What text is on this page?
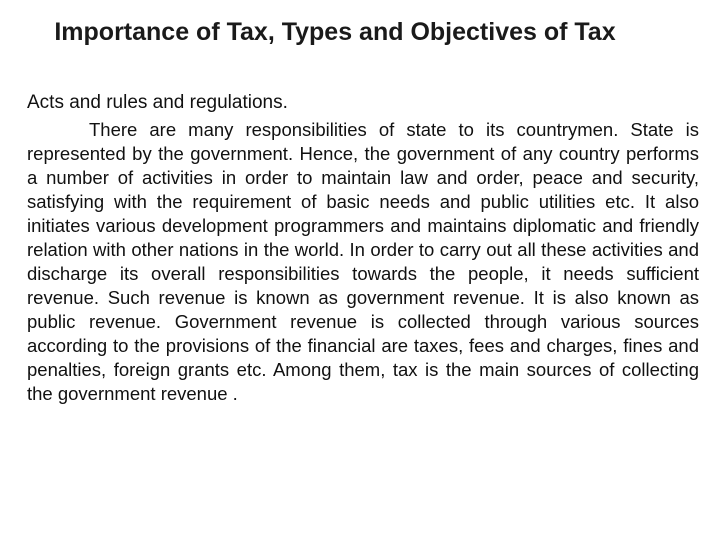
Importance of Tax, Types and Objectives of Tax
Acts and rules and regulations.
There are many responsibilities of state to its countrymen. State is represented by the government. Hence, the government of any country performs a number of activities in order to maintain law and order, peace and security, satisfying with the requirement of basic needs and public utilities etc. It also initiates various development programmers and maintains diplomatic and friendly relation with other nations in the world. In order to carry out all these activities and discharge its overall responsibilities towards the people, it needs sufficient revenue. Such revenue is known as government revenue. It is also known as public revenue. Government revenue is collected through various sources according to the provisions of the financial are taxes, fees and charges, fines and penalties, foreign grants etc. Among them, tax is the main sources of collecting the government revenue .
